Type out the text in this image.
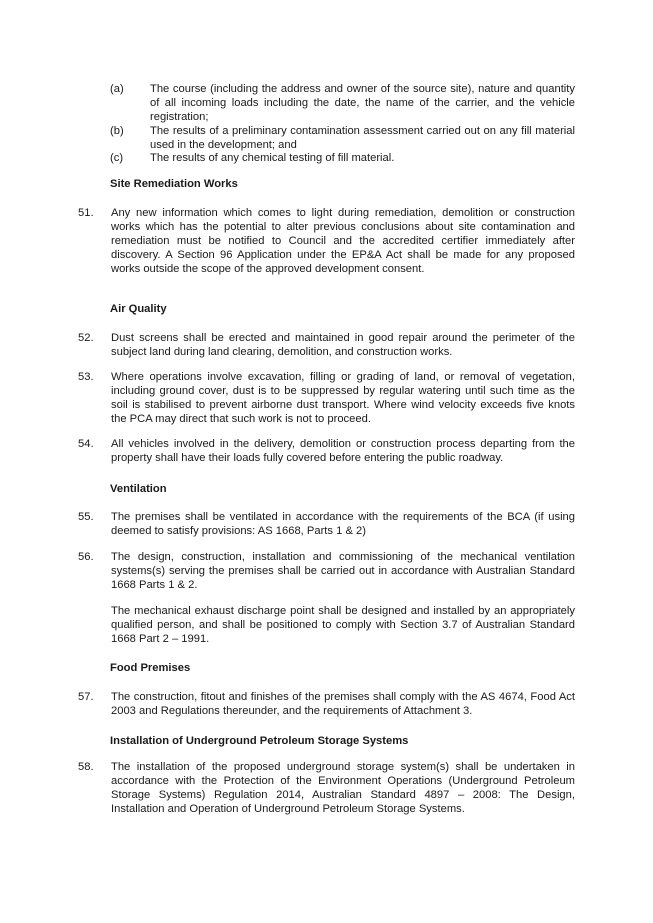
(a) The course (including the address and owner of the source site), nature and quantity of all incoming loads including the date, the name of the carrier, and the vehicle registration;
(b) The results of a preliminary contamination assessment carried out on any fill material used in the development; and
(c) The results of any chemical testing of fill material.
Site Remediation Works
51. Any new information which comes to light during remediation, demolition or construction works which has the potential to alter previous conclusions about site contamination and remediation must be notified to Council and the accredited certifier immediately after discovery. A Section 96 Application under the EP&A Act shall be made for any proposed works outside the scope of the approved development consent.
Air Quality
52. Dust screens shall be erected and maintained in good repair around the perimeter of the subject land during land clearing, demolition, and construction works.
53. Where operations involve excavation, filling or grading of land, or removal of vegetation, including ground cover, dust is to be suppressed by regular watering until such time as the soil is stabilised to prevent airborne dust transport. Where wind velocity exceeds five knots the PCA may direct that such work is not to proceed.
54. All vehicles involved in the delivery, demolition or construction process departing from the property shall have their loads fully covered before entering the public roadway.
Ventilation
55. The premises shall be ventilated in accordance with the requirements of the BCA (if using deemed to satisfy provisions: AS 1668, Parts 1 & 2)
56. The design, construction, installation and commissioning of the mechanical ventilation systems(s) serving the premises shall be carried out in accordance with Australian Standard 1668 Parts 1 & 2.
The mechanical exhaust discharge point shall be designed and installed by an appropriately qualified person, and shall be positioned to comply with Section 3.7 of Australian Standard 1668 Part 2 – 1991.
Food Premises
57. The construction, fitout and finishes of the premises shall comply with the AS 4674, Food Act 2003 and Regulations thereunder, and the requirements of Attachment 3.
Installation of Underground Petroleum Storage Systems
58. The installation of the proposed underground storage system(s) shall be undertaken in accordance with the Protection of the Environment Operations (Underground Petroleum Storage Systems) Regulation 2014, Australian Standard 4897 – 2008: The Design, Installation and Operation of Underground Petroleum Storage Systems.
